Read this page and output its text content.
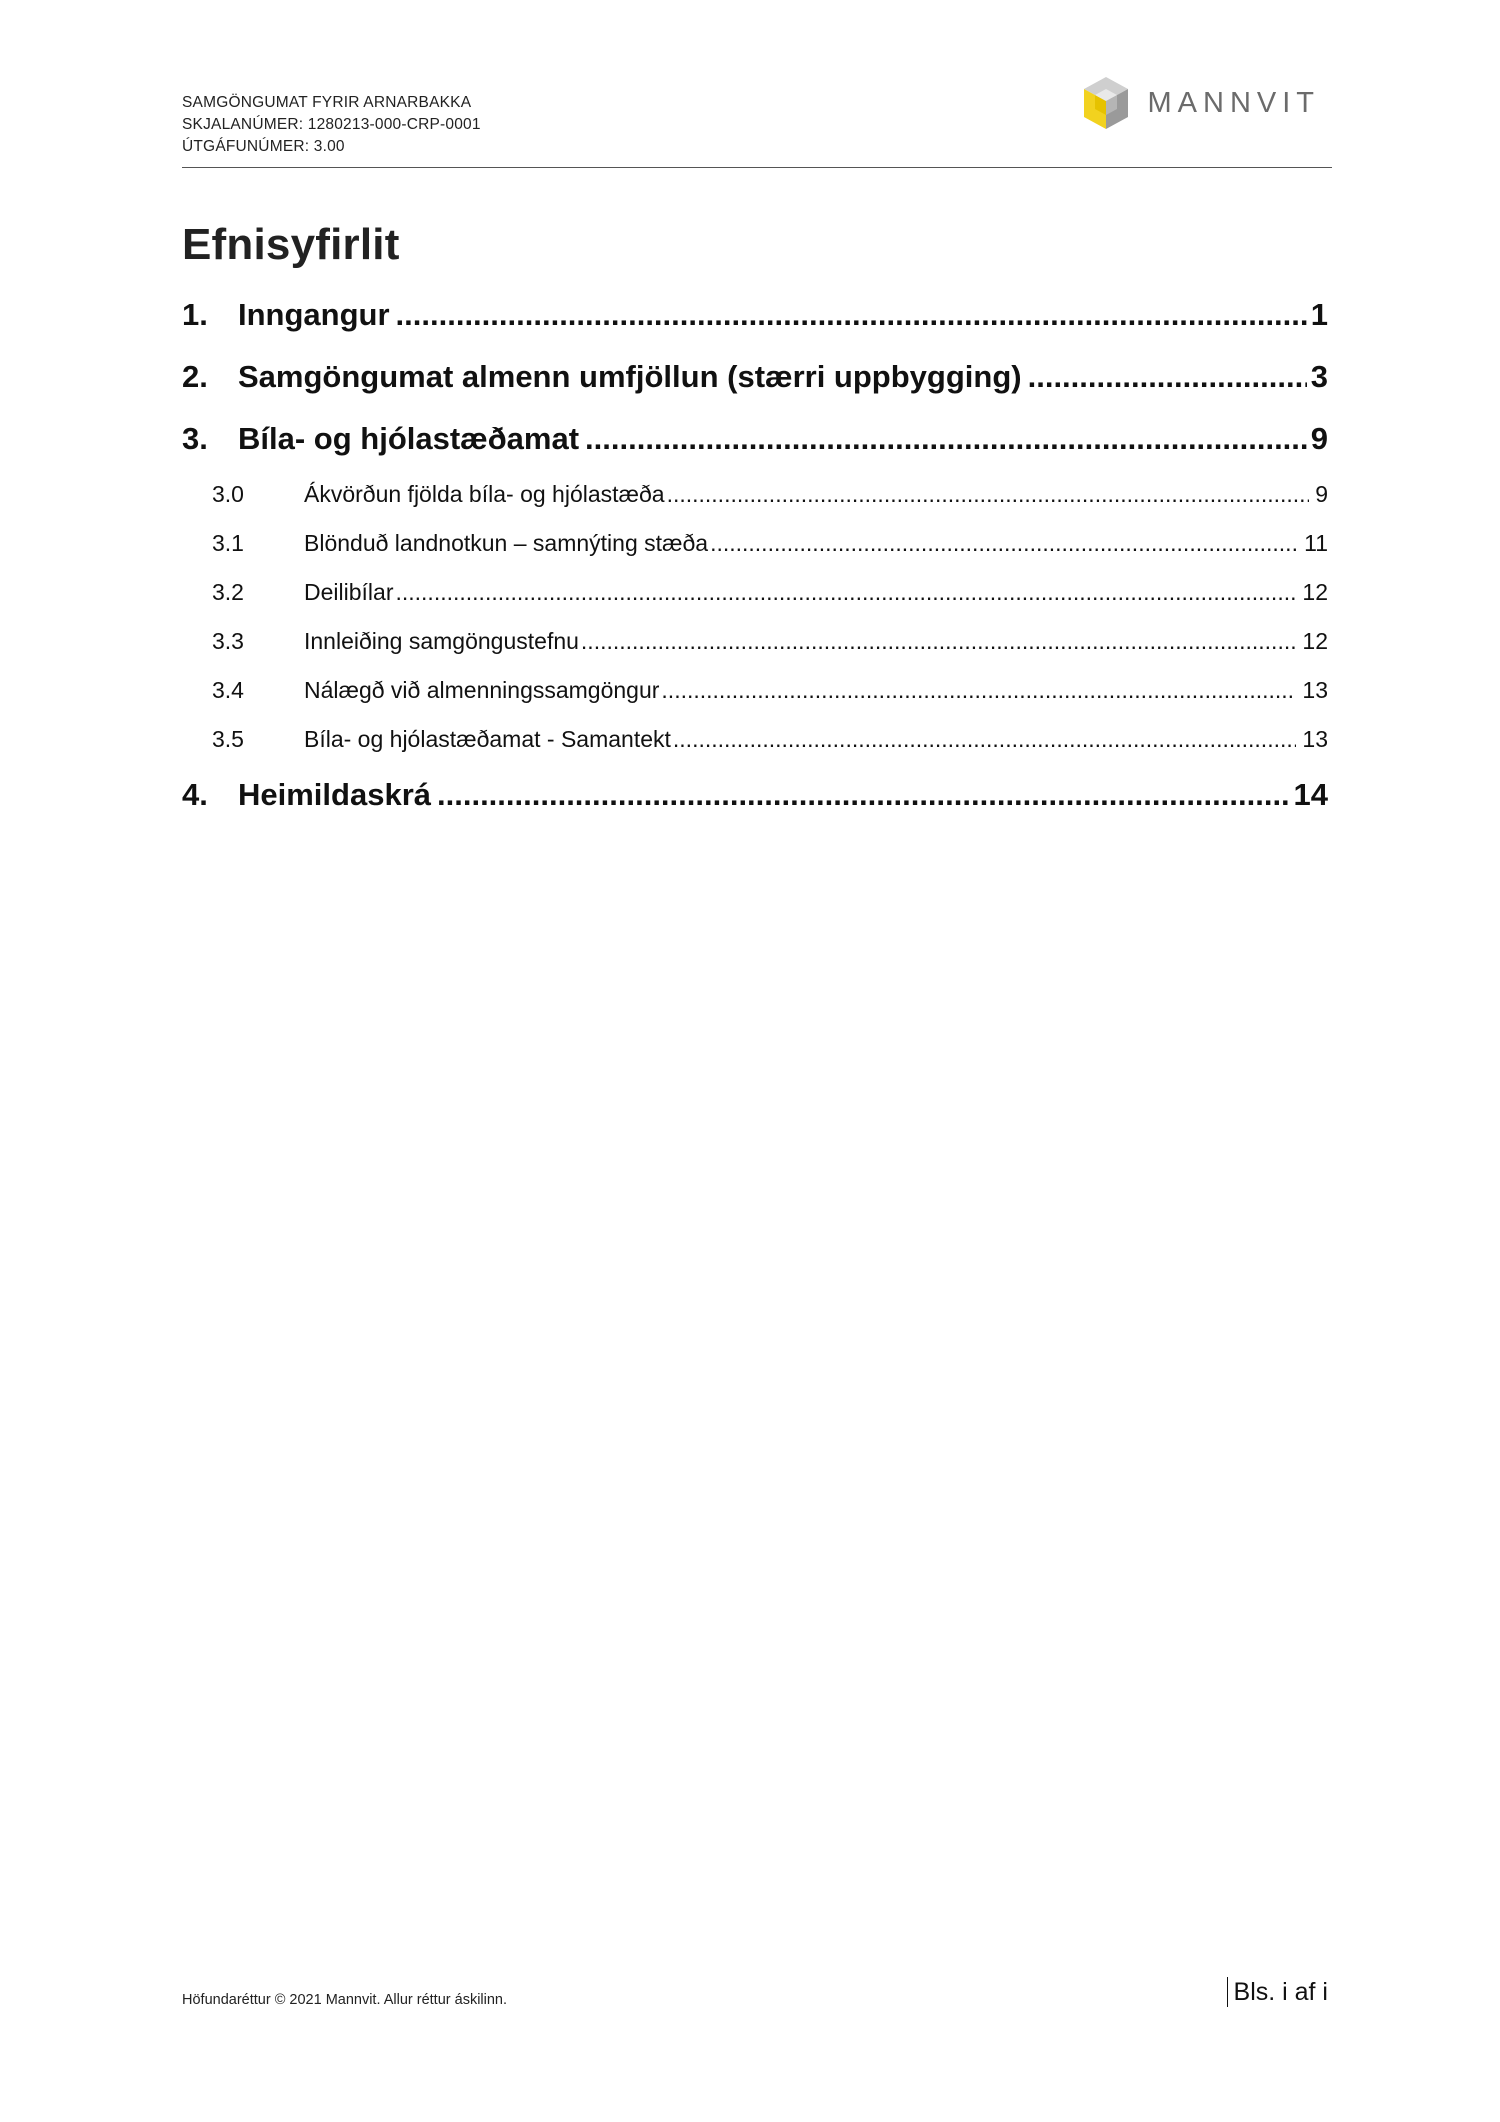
SAMGÖNGUMAT FYRIR ARNARBAKKA
SKJALANÚMER: 1280213-000-CRP-0001
ÚTGÁFUNÚMER: 3.00
MANNVIT
Efnisyfirlit
1. Inngangur .....	1
2. Samgöngumat almenn umfjöllun (stærri uppbygging) .....	3
3. Bíla- og hjólastæðamat .....	9
3.0	Ákvörðun fjölda bíla- og hjólastæða .....	9
3.1	Blönduð landnotkun – samnýting stæða .....	11
3.2	Deilibílar .....	12
3.3	Innleiðing samgöngustefnu .....	12
3.4	Nálægð við almenningssamgöngur .....	13
3.5	Bíla- og hjólastæðamat - Samantekt .....	13
4. Heimildaskrá .....	14
Höfundaréttur © 2021 Mannvit. Allur réttur áskilinn.	Bls. i af i
